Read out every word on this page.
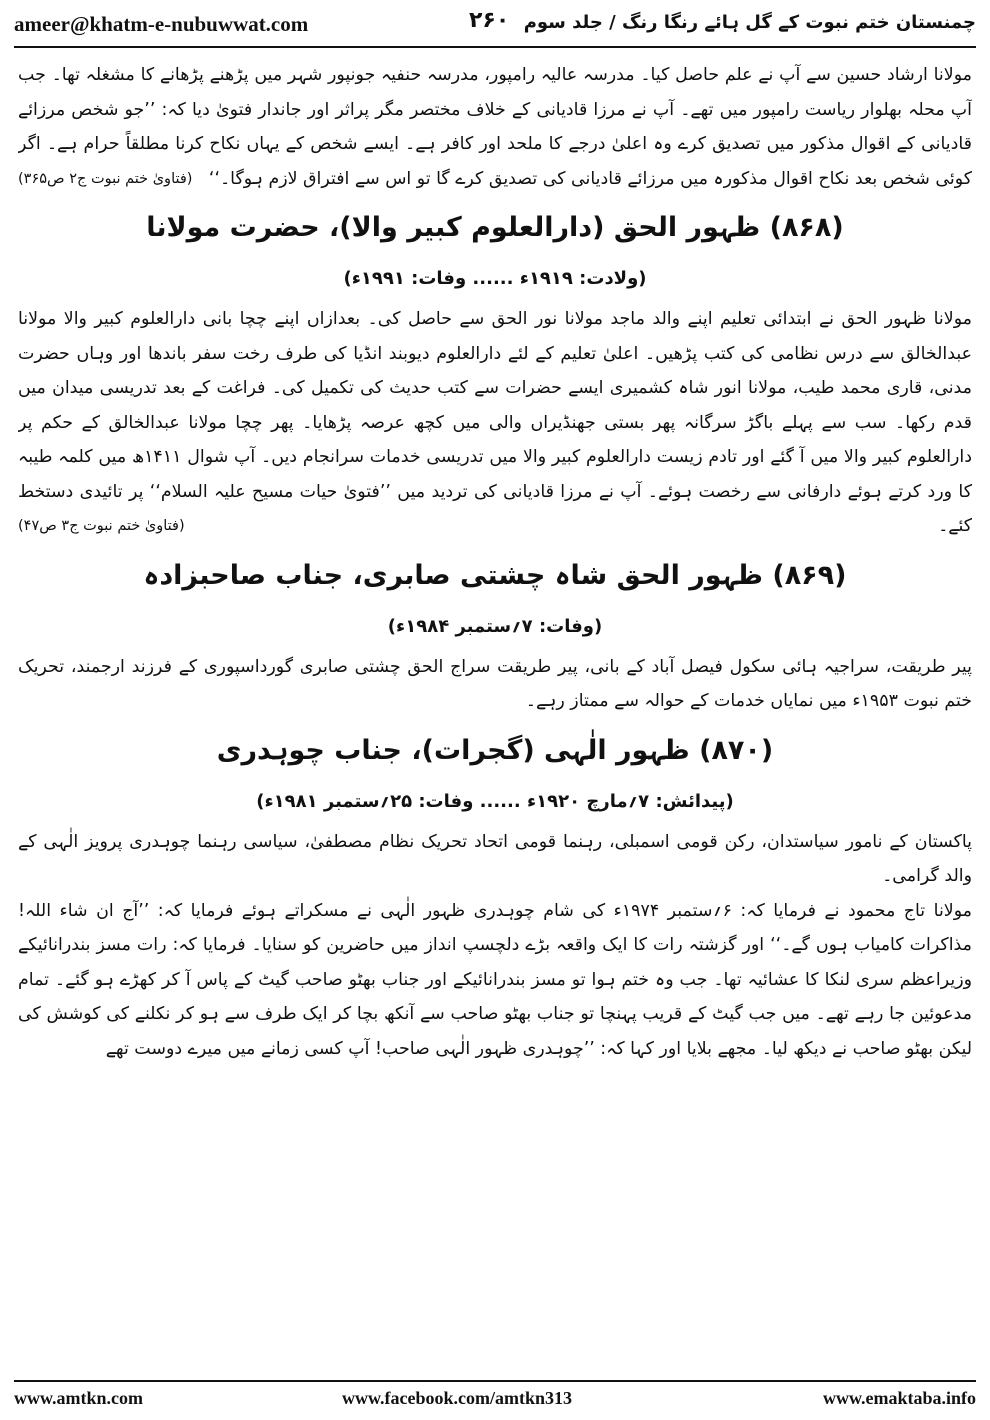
ameer@khatm-e-nubuwwat.com	۲۶۰ چمنستان ختم نبوت کے گل ہائے رنگا رنگ / جلد سوم

مولانا ارشاد حسین سے آپ نے علم حاصل کیا۔ مدرسہ عالیہ رامپور، مدرسہ حنفیہ جونپور شہر میں پڑھنے پڑھانے کا مشغلہ تھا۔ جب آپ محلہ بھلوار ریاست رامپور میں تھے۔ آپ نے مرزا قادیانی کے خلاف مختصر مگر پراثر اور جاندار فتویٰ دیا کہ: ’’جو شخص مرزائے قادیانی کے اقوال مذکور میں تصدیق کرے وہ اعلیٰ درجے کا ملحد اور کافر ہے۔ ایسے شخص کے یہاں نکاح کرنا مطلقاً حرام ہے۔ اگر کوئی شخص بعد نکاح اقوال مذکورہ میں مرزائے قادیانی کی تصدیق کرے گا تو اس سے افتراق لازم ہوگا۔‘‘
(فتاویٰ ختم نبوت ج۲ ص۳۶۵)

(۸۶۸) ظہور الحق (دارالعلوم کبیر والا)، حضرت مولانا
(ولادت: ۱۹۱۹ء ...... وفات: ۱۹۹۱ء)

مولانا ظہور الحق نے ابتدائی تعلیم اپنے والد ماجد مولانا نور الحق سے حاصل کی۔ بعدازاں اپنے چچا بانی دارالعلوم کبیر والا مولانا عبدالخالق سے درس نظامی کی کتب پڑھیں۔ اعلیٰ تعلیم کے لئے دارالعلوم دیوبند انڈیا کی طرف رخت سفر باندھا اور وہاں حضرت مدنی، قاری محمد طیب، مولانا انور شاہ کشمیری ایسے حضرات سے کتب حدیث کی تکمیل کی۔ فراغت کے بعد تدریسی میدان میں قدم رکھا۔ سب سے پہلے باگڑ سرگانہ پھر بستی جھنڈیراں والی میں کچھ عرصہ پڑھایا۔ پھر چچا مولانا عبدالخالق کے حکم پر دارالعلوم کبیر والا میں آ گئے اور تادم زیست دارالعلوم کبیر والا میں تدریسی خدمات سرانجام دیں۔ آپ شوال ۱۴۱۱ھ میں کلمہ طیبہ کا ورد کرتے ہوئے دارفانی سے رخصت ہوئے۔ آپ نے مرزا قادیانی کی تردید میں ’’فتویٰ حیات مسیح علیہ السلام‘‘ پر تائیدی دستخط کئے۔
(فتاویٰ ختم نبوت ج۳ ص۴۷)

(۸۶۹) ظہور الحق شاہ چشتی صابری، جناب صاحبزادہ
(وفات: ۷؍ستمبر ۱۹۸۴ء)

پیر طریقت، سراجیہ ہائی سکول فیصل آباد کے بانی، پیر طریقت سراج الحق چشتی صابری گورداسپوری کے فرزند ارجمند، تحریک ختم نبوت ۱۹۵۳ء میں نمایاں خدمات کے حوالہ سے ممتاز رہے۔

(۸۷۰) ظہور الٰہی (گجرات)، جناب چوہدری
(پیدائش: ۷؍مارچ ۱۹۲۰ء ...... وفات: ۲۵؍ستمبر ۱۹۸۱ء)

پاکستان کے نامور سیاستدان، رکن قومی اسمبلی، رہنما قومی اتحاد تحریک نظام مصطفیٰ، سیاسی رہنما چوہدری پرویز الٰہی کے والد گرامی۔

مولانا تاج محمود نے فرمایا کہ: ۶؍ستمبر ۱۹۷۴ء کی شام چوہدری ظہور الٰہی نے مسکراتے ہوئے فرمایا کہ: ’’آج ان شاء اللہ! مذاکرات کامیاب ہوں گے۔‘‘ اور گزشتہ رات کا ایک واقعہ بڑے دلچسپ انداز میں حاضرین کو سنایا۔ فرمایا کہ: رات مسز بندرانائیکے وزیراعظم سری لنکا کا عشائیہ تھا۔ جب وہ ختم ہوا تو مسز بندرانائیکے اور جناب بھٹو صاحب گیٹ کے پاس آ کر کھڑے ہو گئے۔ تمام مدعوئین جا رہے تھے۔ میں جب گیٹ کے قریب پہنچا تو جناب بھٹو صاحب سے آنکھ بچا کر ایک طرف سے ہو کر نکلنے کی کوشش کی لیکن بھٹو صاحب نے دیکھ لیا۔ مجھے بلایا اور کہا کہ: ’’چوہدری ظہور الٰہی صاحب! آپ کسی زمانے میں میرے دوست تھے

www.amtkn.com	www.facebook.com/amtkn313	www.emaktaba.info
